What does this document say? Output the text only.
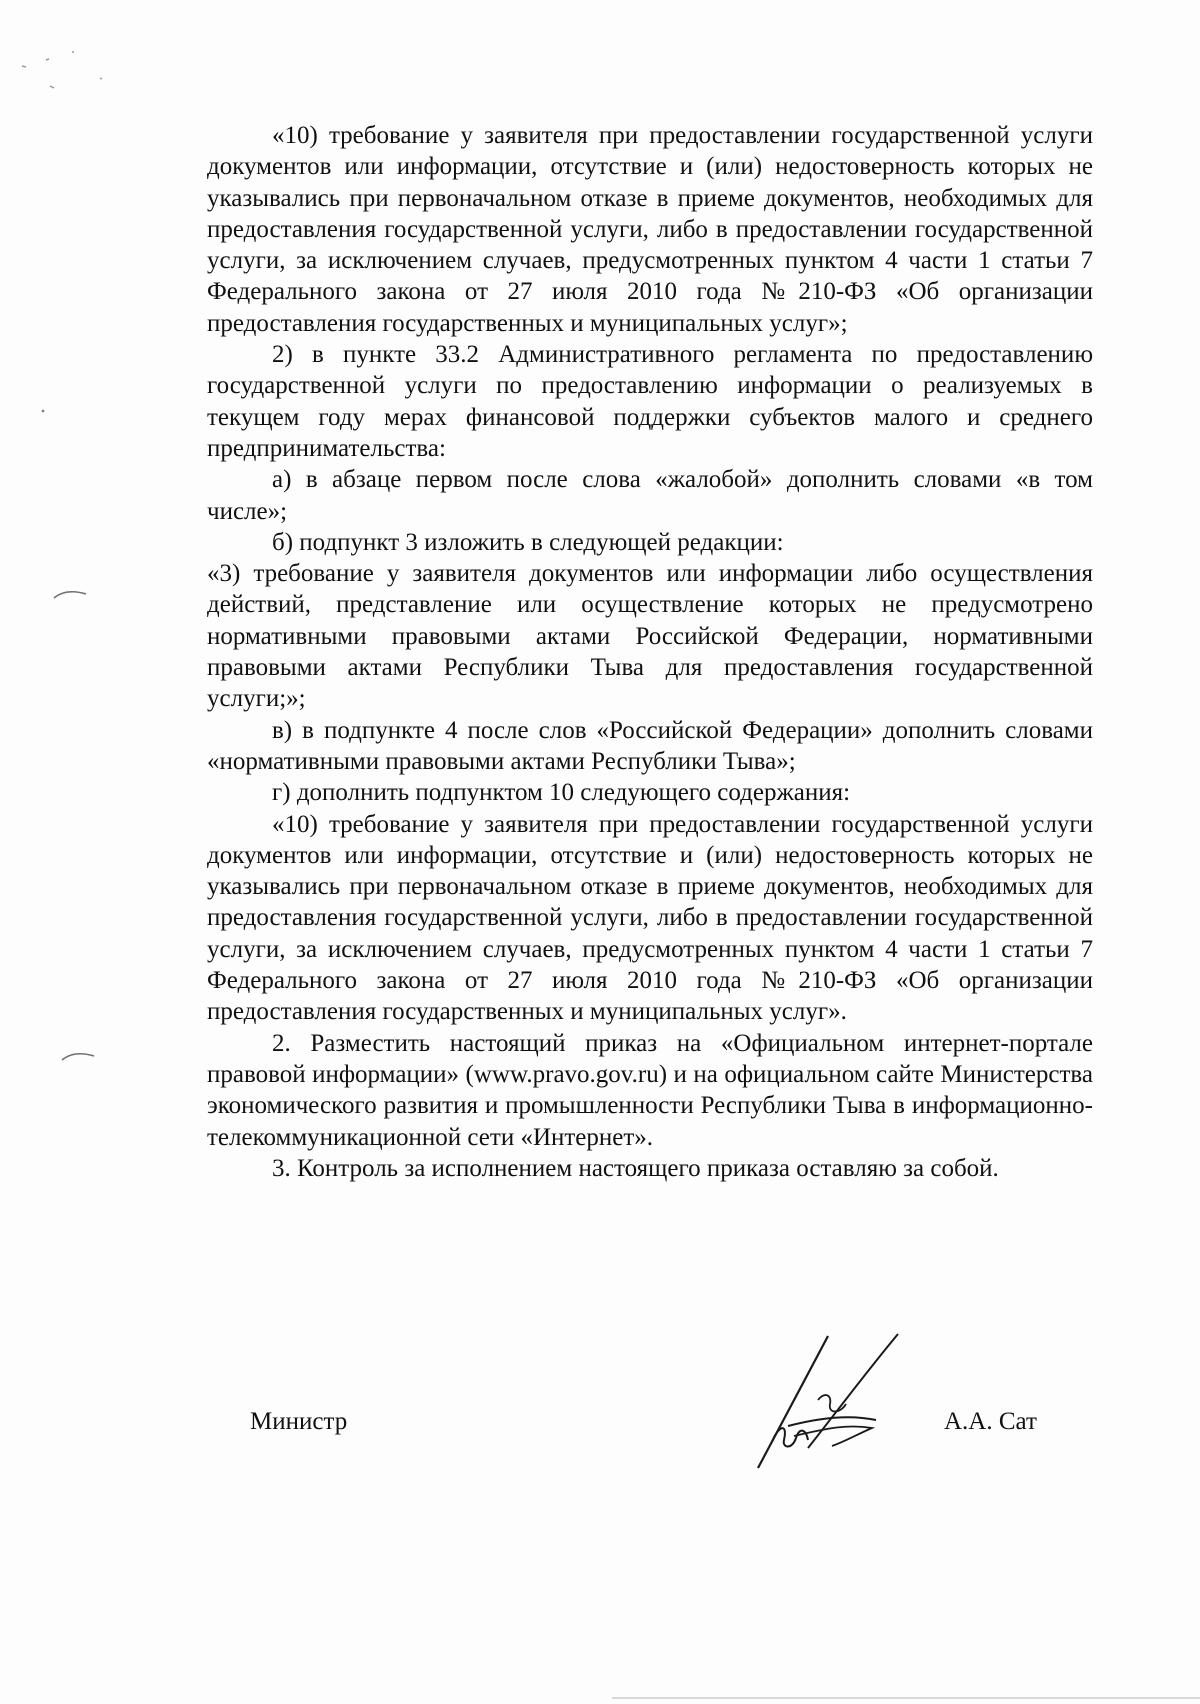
«10) требование у заявителя при предоставлении государственной услуги документов или информации, отсутствие и (или) недостоверность которых не указывались при первоначальном отказе в приеме документов, необходимых для предоставления государственной услуги, либо в предоставлении государственной услуги, за исключением случаев, предусмотренных пунктом 4 части 1 статьи 7 Федерального закона от 27 июля 2010 года №210-ФЗ «Об организации предоставления государственных и муниципальных услуг»;

2) в пункте 33.2 Административного регламента по предоставлению государственной услуги по предоставлению информации о реализуемых в текущем году мерах финансовой поддержки субъектов малого и среднего предпринимательства:

а) в абзаце первом после слова «жалобой» дополнить словами «в том числе»;

б) подпункт 3 изложить в следующей редакции:

«3) требование у заявителя документов или информации либо осуществления действий, представление или осуществление которых не предусмотрено нормативными правовыми актами Российской Федерации, нормативными правовыми актами Республики Тыва для предоставления государственной услуги;»;

в) в подпункте 4 после слов «Российской Федерации» дополнить словами «нормативными правовыми актами Республики Тыва»;

г) дополнить подпунктом 10 следующего содержания:

«10) требование у заявителя при предоставлении государственной услуги документов или информации, отсутствие и (или) недостоверность которых не указывались при первоначальном отказе в приеме документов, необходимых для предоставления государственной услуги, либо в предоставлении государственной услуги, за исключением случаев, предусмотренных пунктом 4 части 1 статьи 7 Федерального закона от 27 июля 2010 года №210-ФЗ «Об организации предоставления государственных и муниципальных услуг».

2. Разместить настоящий приказ на «Официальном интернет-портале правовой информации» (www.pravo.gov.ru) и на официальном сайте Министерства экономического развития и промышленности Республики Тыва в информационно-телекоммуникационной сети «Интернет».

3. Контроль за исполнением настоящего приказа оставляю за собой.

Министр	А.А. Сат
